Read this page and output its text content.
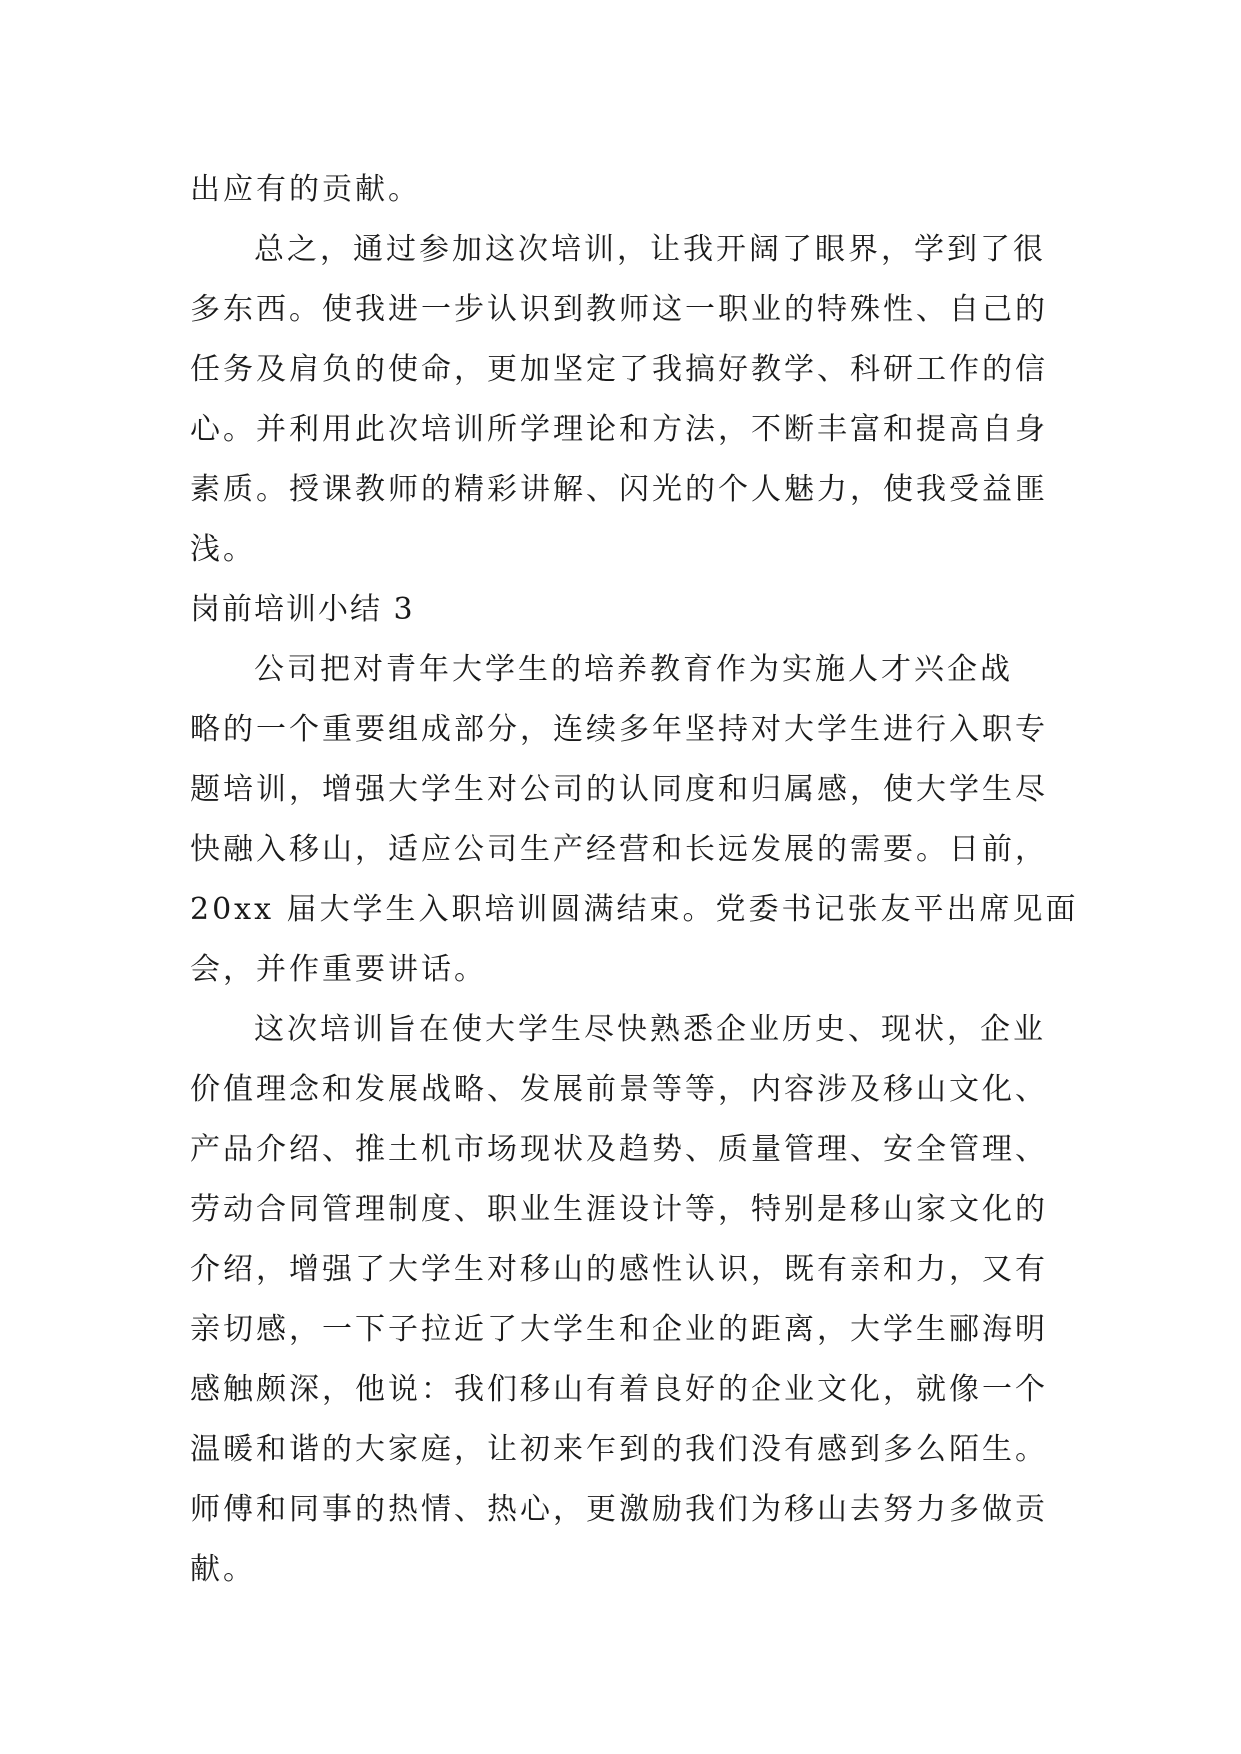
出应有的贡献。
总之，通过参加这次培训，让我开阔了眼界，学到了很
多东西。使我进一步认识到教师这一职业的特殊性、自己的
任务及肩负的使命，更加坚定了我搞好教学、科研工作的信
心。并利用此次培训所学理论和方法，不断丰富和提高自身
素质。授课教师的精彩讲解、闪光的个人魅力，使我受益匪
浅。
岗前培训小结 3
公司把对青年大学生的培养教育作为实施人才兴企战
略的一个重要组成部分，连续多年坚持对大学生进行入职专
题培训，增强大学生对公司的认同度和归属感，使大学生尽
快融入移山，适应公司生产经营和长远发展的需要。日前，
20xx 届大学生入职培训圆满结束。党委书记张友平出席见面
会，并作重要讲话。
这次培训旨在使大学生尽快熟悉企业历史、现状，企业
价值理念和发展战略、发展前景等等，内容涉及移山文化、
产品介绍、推土机市场现状及趋势、质量管理、安全管理、
劳动合同管理制度、职业生涯设计等，特别是移山家文化的
介绍，增强了大学生对移山的感性认识，既有亲和力，又有
亲切感，一下子拉近了大学生和企业的距离，大学生郦海明
感触颇深，他说：我们移山有着良好的企业文化，就像一个
温暖和谐的大家庭，让初来乍到的我们没有感到多么陌生。
师傅和同事的热情、热心，更激励我们为移山去努力多做贡
献。
